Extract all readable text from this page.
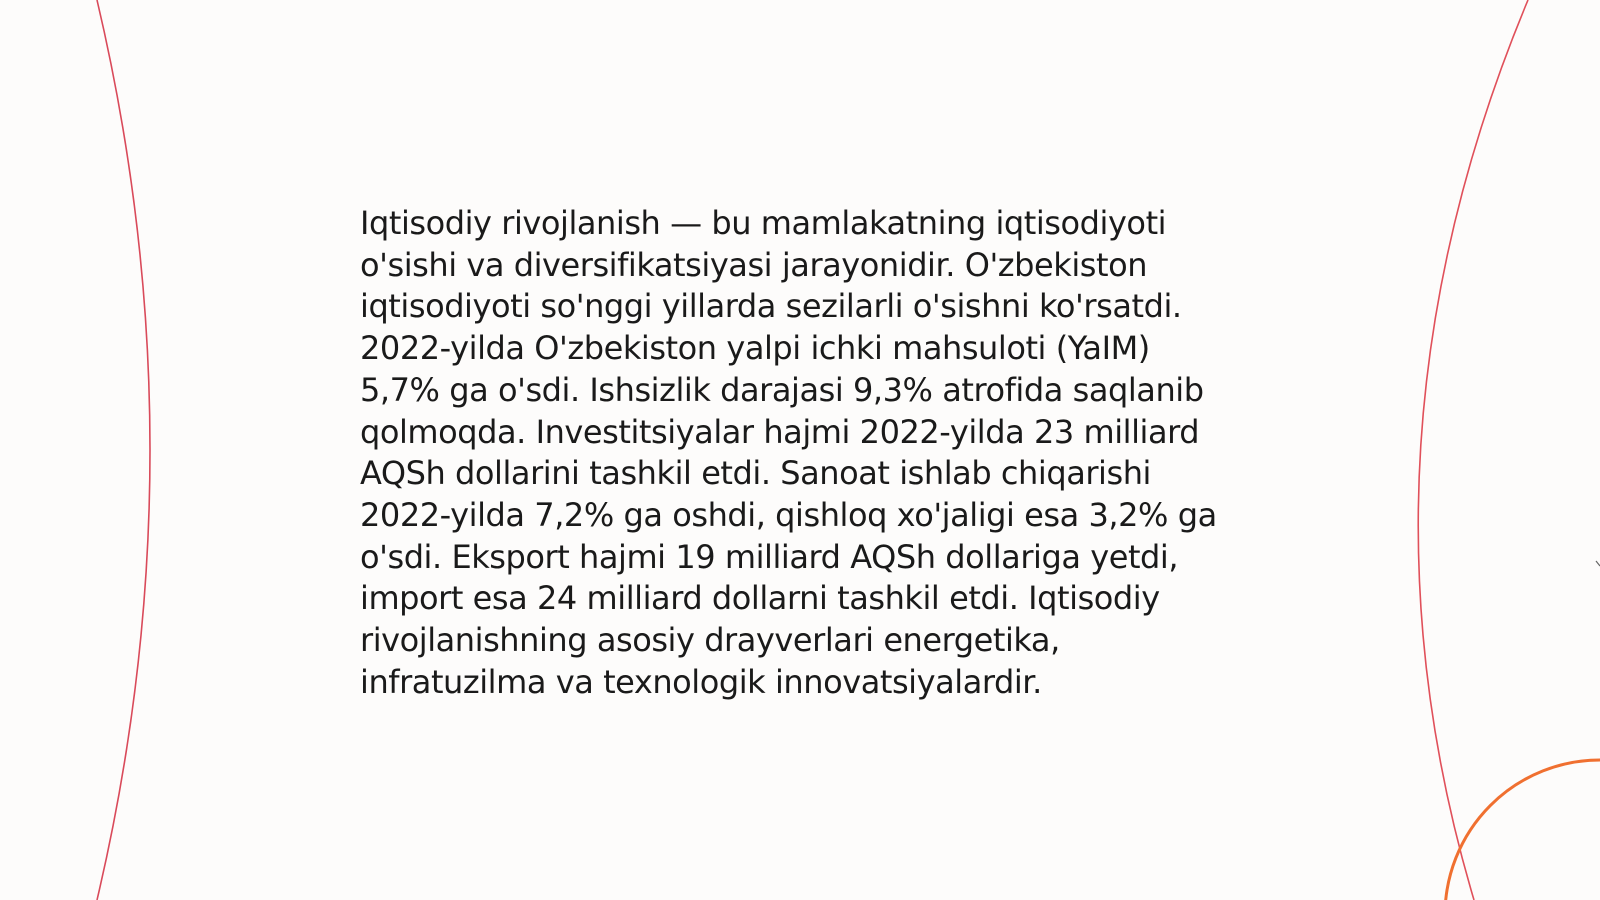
Iqtisodiy rivojlanish — bu mamlakatning iqtisodiyoti
o'sishi va diversifikatsiyasi jarayonidir. O'zbekiston
iqtisodiyoti so'nggi yillarda sezilarli o'sishni ko'rsatdi.
2022-yilda O'zbekiston yalpi ichki mahsuloti (YaIM)
5,7% ga o'sdi. Ishsizlik darajasi 9,3% atrofida saqlanib
qolmoqda. Investitsiyalar hajmi 2022-yilda 23 milliard
AQSh dollarini tashkil etdi. Sanoat ishlab chiqarishi
2022-yilda 7,2% ga oshdi, qishloq xo'jaligi esa 3,2% ga
o'sdi. Eksport hajmi 19 milliard AQSh dollariga yetdi,
import esa 24 milliard dollarni tashkil etdi. Iqtisodiy
rivojlanishning asosiy drayverlari energetika,
infratuzilma va texnologik innovatsiyalardir.
